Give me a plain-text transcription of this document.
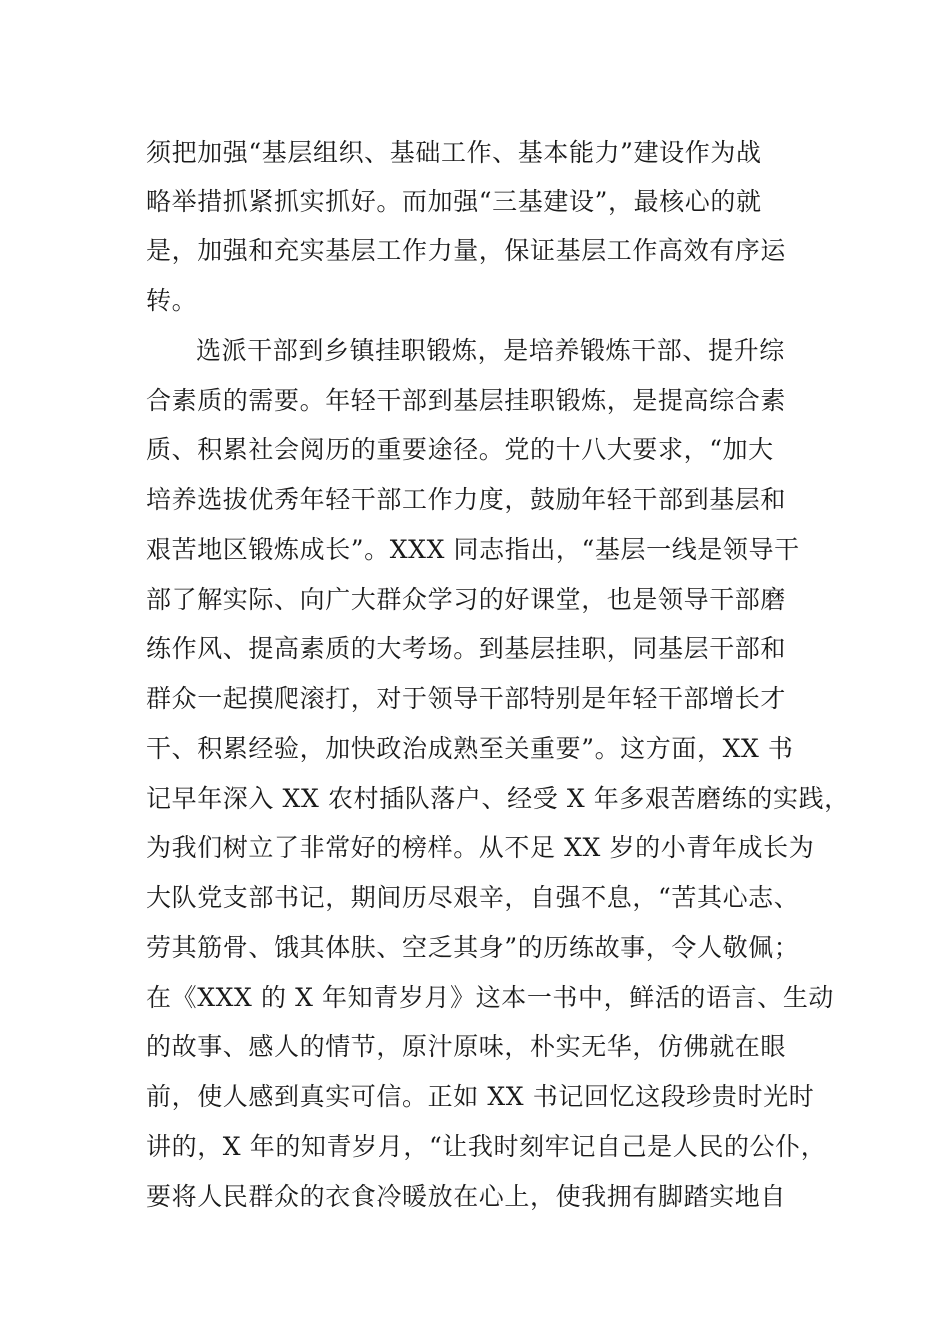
须把加强“基层组织、基础工作、基本能力”建设作为战
略举措抓紧抓实抓好。而加强“三基建设”，最核心的就
是，加强和充实基层工作力量，保证基层工作高效有序运
转。
选派干部到乡镇挂职锻炼，是培养锻炼干部、提升综
合素质的需要。年轻干部到基层挂职锻炼，是提高综合素
质、积累社会阅历的重要途径。党的十八大要求，“加大
培养选拔优秀年轻干部工作力度，鼓励年轻干部到基层和
艰苦地区锻炼成长”。XXX 同志指出，“基层一线是领导干
部了解实际、向广大群众学习的好课堂，也是领导干部磨
练作风、提高素质的大考场。到基层挂职，同基层干部和
群众一起摸爬滚打，对于领导干部特别是年轻干部增长才
干、积累经验，加快政治成熟至关重要”。这方面，XX 书
记早年深入 XX 农村插队落户、经受 X 年多艰苦磨练的实践，
为我们树立了非常好的榜样。从不足 XX 岁的小青年成长为
大队党支部书记，期间历尽艰辛，自强不息，“苦其心志、
劳其筋骨、饿其体肤、空乏其身”的历练故事，令人敬佩；
在《XXX 的 X 年知青岁月》这本一书中，鲜活的语言、生动
的故事、感人的情节，原汁原味，朴实无华，仿佛就在眼
前，使人感到真实可信。正如 XX 书记回忆这段珍贵时光时
讲的，X 年的知青岁月，“让我时刻牢记自己是人民的公仆，
要将人民群众的衣食冷暖放在心上，使我拥有脚踏实地自
